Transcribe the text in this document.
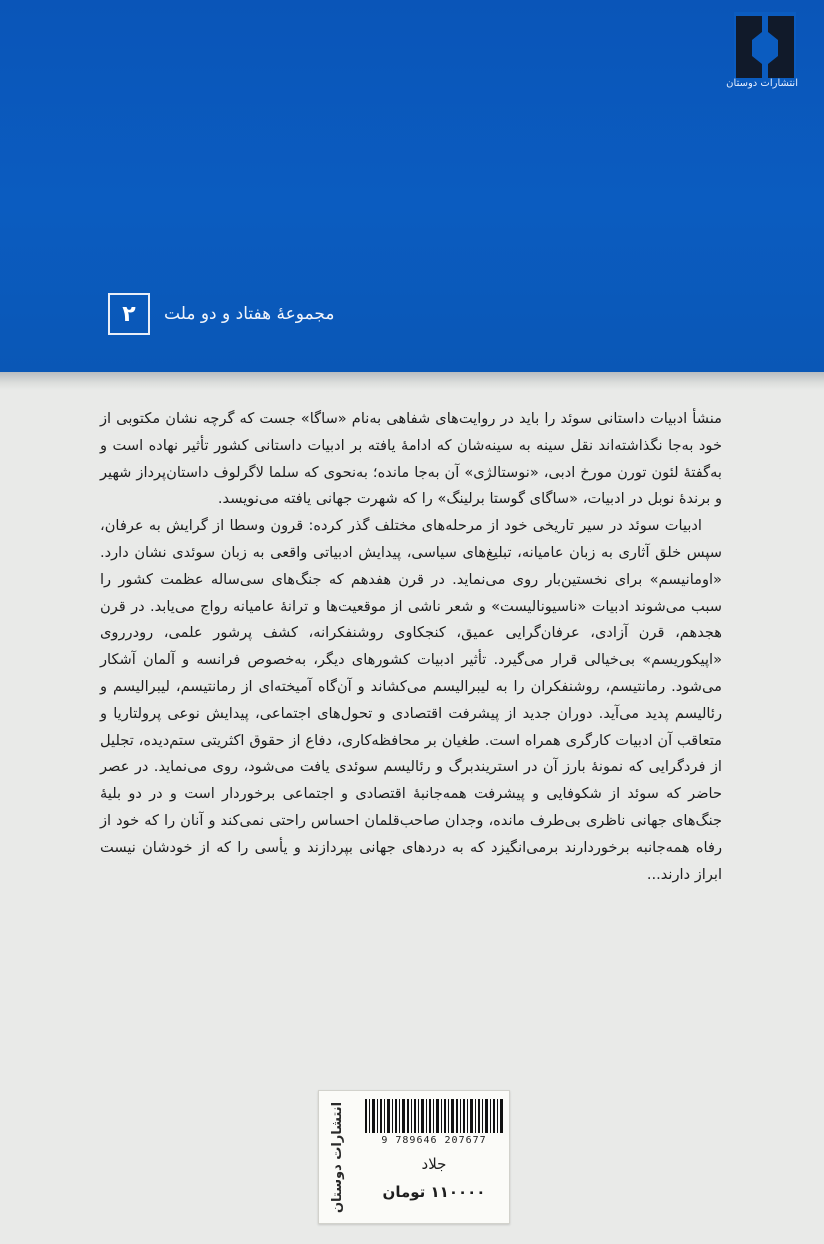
انتشارات دوستان
۲	مجموعهٔ هفتاد و دو ملت

منشأ ادبیات داستانی سوئد را باید در روایت‌های شفاهی به‌نام «ساگا» جست که گرچه نشان مکتوبی از خود به‌جا نگذاشته‌اند نقل سینه به سینه‌شان که ادامهٔ یافته بر ادبیات داستانی کشور تأثیر نهاده است و به‌گفتهٔ لئون تورن مورخ ادبی، «نوستالژی» آن به‌جا مانده؛ به‌نحوی که سلما لاگرلوف داستان‌پرداز شهیر و برندهٔ نوبل در ادبیات، «ساگای گوستا برلینگ» را که شهرت جهانی یافته می‌نویسد.

ادبیات سوئد در سیر تاریخی خود از مرحله‌های مختلف گذر کرده: قرون وسطا از گرایش به عرفان، سپس خلق آثاری به زبان عامیانه، تبلیغ‌های سیاسی، پیدایش ادبیاتی واقعی به زبان سوئدی نشان دارد. «اومانیسم» برای نخستین‌بار روی می‌نماید. در قرن هفدهم که جنگ‌های سی‌ساله عظمت کشور را سبب می‌شوند ادبیات «ناسیونالیست» و شعر ناشی از موقعیت‌ها و ترانهٔ عامیانه رواج می‌یابد. در قرن هجدهم، قرن آزادی، عرفان‌گرایی عمیق، کنجکاوی روشنفکرانه، کشف پرشور علمی، رودرروی «اپیکوریسم» بی‌خیالی قرار می‌گیرد. تأثیر ادبیات کشورهای دیگر، به‌خصوص فرانسه و آلمان آشکار می‌شود. رمانتیسم، روشنفکران را به لیبرالیسم می‌کشاند و آن‌گاه آمیخته‌ای از رمانتیسم، لیبرالیسم و رئالیسم پدید می‌آید. دوران جدید از پیشرفت اقتصادی و تحول‌های اجتماعی، پیدایش نوعی پرولتاریا و متعاقب آن ادبیات کارگری همراه است. طغیان بر محافظه‌کاری، دفاع از حقوق اکثریتی ستم‌دیده، تجلیل از فردگرایی که نمونهٔ بارز آن در استریندبرگ و رئالیسم سوئدی یافت می‌شود، روی می‌نماید. در عصر حاضر که سوئد از شکوفایی و پیشرفت همه‌جانبهٔ اقتصادی و اجتماعی برخوردار است و در دو بلیهٔ جنگ‌های جهانی ناظری بی‌طرف مانده، وجدان صاحب‌قلمان احساس راحتی نمی‌کند و آنان را که خود از رفاه همه‌جانبه برخوردارند برمی‌انگیزد که به دردهای جهانی بپردازند و یأسی را که از خودشان نیست ابراز دارند...

انتشارات دوستان	9 789646 207677
جلاد
۱۱۰۰۰۰ تومان
